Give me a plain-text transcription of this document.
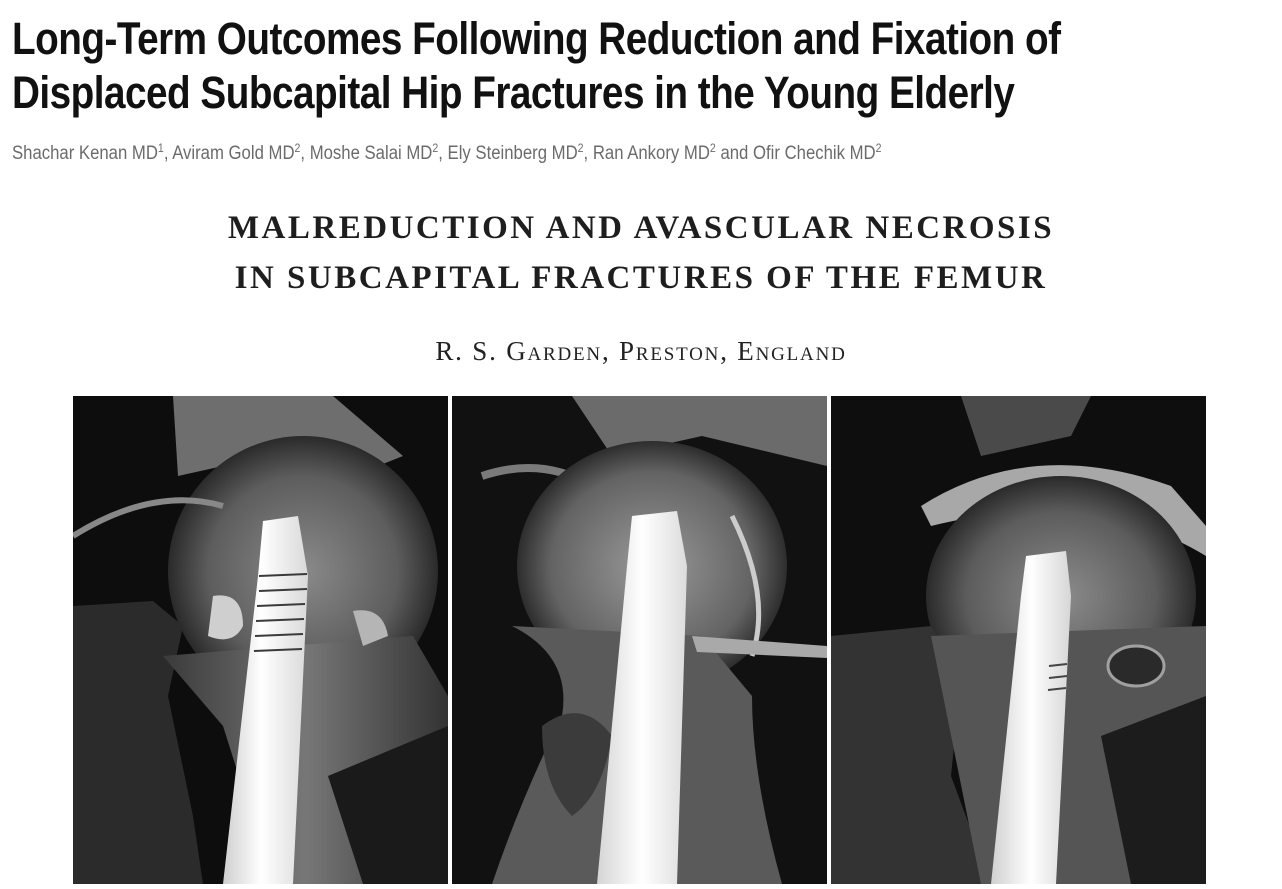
Long-Term Outcomes Following Reduction and Fixation of
Displaced Subcapital Hip Fractures in the Young Elderly
Shachar Kenan $MD^1$, Aviram Gold $MD^2$, Moshe Salai $MD^2$, Ely Steinberg $MD^2$, Ran Ankory $MD^2$ and Ofir Chechik $MD^2$
MALREDUCTION AND AVASCULAR NECROSIS
IN SUBCAPITAL FRACTURES OF THE FEMUR
R. S. Garden, Preston, England
